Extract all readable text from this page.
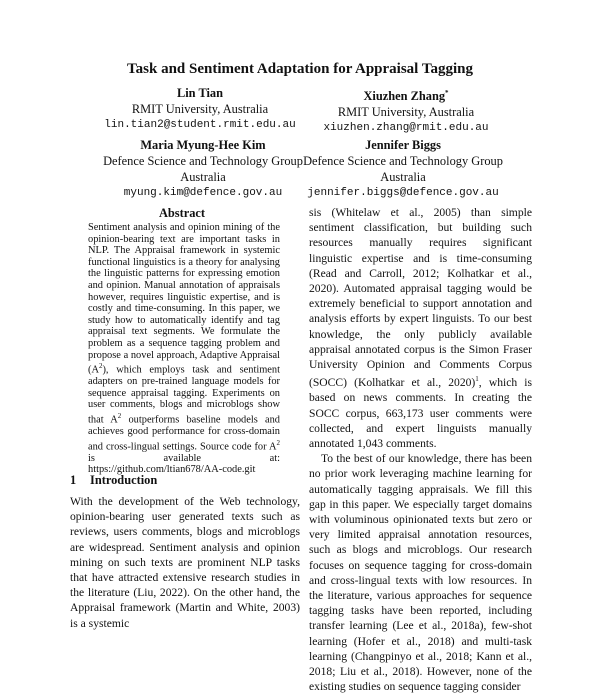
Task and Sentiment Adaptation for Appraisal Tagging
Lin Tian
RMIT University, Australia
lin.tian2@student.rmit.edu.au
Xiuzhen Zhang*
RMIT University, Australia
xiuzhen.zhang@rmit.edu.au
Maria Myung-Hee Kim
Defence Science and Technology Group
Australia
myung.kim@defence.gov.au
Jennifer Biggs
Defence Science and Technology Group
Australia
jennifer.biggs@defence.gov.au
Abstract

Sentiment analysis and opinion mining of the opinion-bearing text are important tasks in NLP. The Appraisal framework in systemic functional linguistics is a theory for analysing the linguistic patterns for expressing emotion and opinion. Manual annotation of appraisals however, requires linguistic expertise, and is costly and time-consuming. In this paper, we study how to automatically identify and tag appraisal text segments. We formulate the problem as a sequence tagging problem and propose a novel approach, Adaptive Appraisal $(A^2)$, which employs task and sentiment adapters on pre-trained language models for sequence appraisal tagging. Experiments on user comments, blogs and microblogs show that $A^2$ outperforms baseline models and achieves good performance for cross-domain and cross-lingual settings. Source code for $A^2$ is available at: https://github.com/ltian678/AA-code.git

1 Introduction

With the development of the Web technology, opinion-bearing user generated texts such as reviews, users comments, blogs and microblogs are widespread. Sentiment analysis and opinion mining on such texts are prominent NLP tasks that have attracted extensive research studies in the literature (Liu, 2022). On the other hand, the Appraisal framework (Martin and White, 2003) is a systemic

sis (Whitelaw et al., 2005) than simple sentiment classification, but building such resources manually requires significant linguistic expertise and is time-consuming (Read and Carroll, 2012; Kolhatkar et al., 2020). Automated appraisal tagging would be extremely beneficial to support annotation and analysis efforts by expert linguists. To our best knowledge, the only publicly available appraisal annotated corpus is the Simon Fraser University Opinion and Comments Corpus (SOCC) (Kolhatkar et al., 2020)$^1$, which is based on news comments. In creating the SOCC corpus, 663,173 user comments were collected, and expert linguists manually annotated 1,043 comments.

To the best of our knowledge, there has been no prior work leveraging machine learning for automatically tagging appraisals. We fill this gap in this paper. We especially target domains with voluminous opinionated texts but zero or very limited appraisal annotation resources, such as blogs and microblogs. Our research focuses on sequence tagging for cross-domain and cross-lingual texts with low resources. In the literature, various approaches for sequence tagging tasks have been reported, including transfer learning (Lee et al., 2018a), few-shot learning (Hofer et al., 2018) and multi-task learning (Changpinyo et al., 2018; Kann et al., 2018; Liu et al., 2018). However, none of the existing studies on sequence tagging consider
